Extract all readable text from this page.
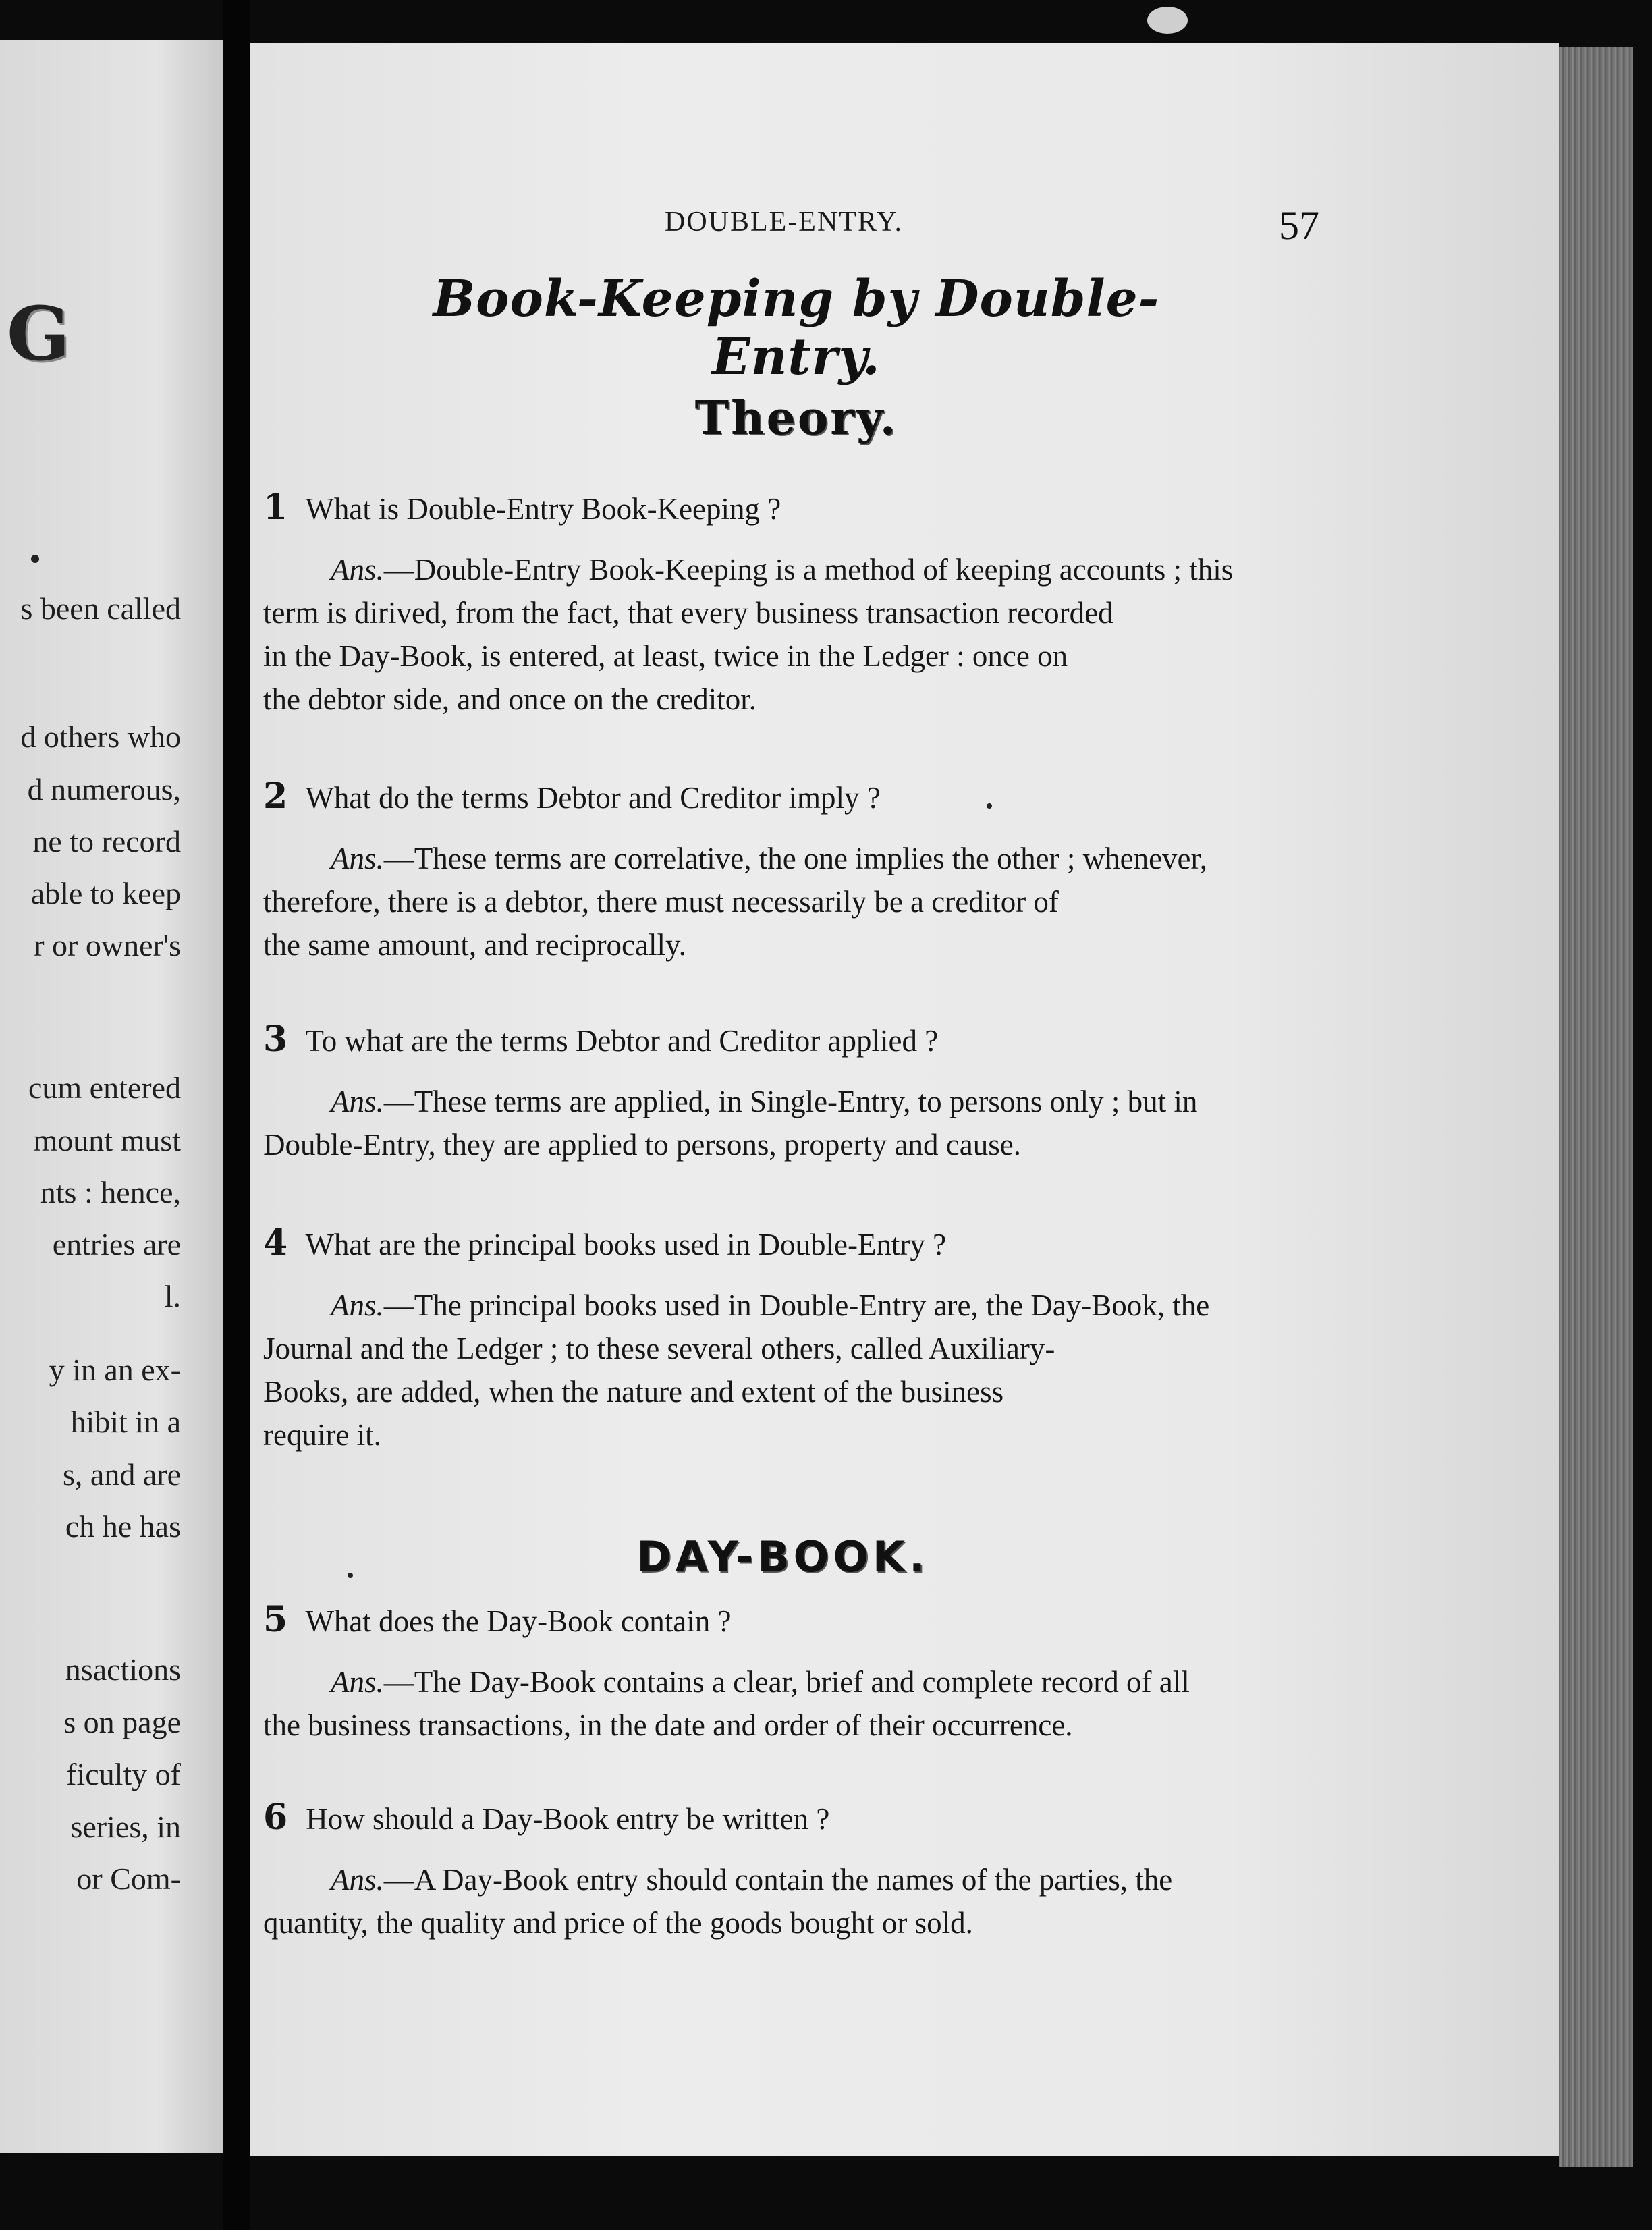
G
s been called
d others who
d numerous,
ne to record
able to keep
r or owner's
cum entered
mount must
nts : hence,
entries are
l.
y in an ex-
hibit in a
s, and are
ch he has
nsactions
s on page
ficulty of
series, in
or Com-
DOUBLE-ENTRY.	57
Book-Keeping by Double-Entry.
Theory.
1 What is Double-Entry Book-Keeping ?
Ans.—Double-Entry Book-Keeping is a method of keeping accounts ; this
term is dirived, from the fact, that every business transaction recorded
in the Day-Book, is entered, at least, twice in the Ledger : once on
the debtor side, and once on the creditor.
2 What do the terms Debtor and Creditor imply ?
Ans.—These terms are correlative, the one implies the other ; whenever,
therefore, there is a debtor, there must necessarily be a creditor of
the same amount, and reciprocally.
3 To what are the terms Debtor and Creditor applied ?
Ans.—These terms are applied, in Single-Entry, to persons only ; but in
Double-Entry, they are applied to persons, property and cause.
4 What are the principal books used in Double-Entry ?
Ans.—The principal books used in Double-Entry are, the Day-Book, the
Journal and the Ledger ; to these several others, called Auxiliary-
Books, are added, when the nature and extent of the business
require it.
DAY-BOOK.
5 What does the Day-Book contain ?
Ans.—The Day-Book contains a clear, brief and complete record of all
the business transactions, in the date and order of their occurrence.
6 How should a Day-Book entry be written ?
Ans.—A Day-Book entry should contain the names of the parties, the
quantity, the quality and price of the goods bought or sold.
